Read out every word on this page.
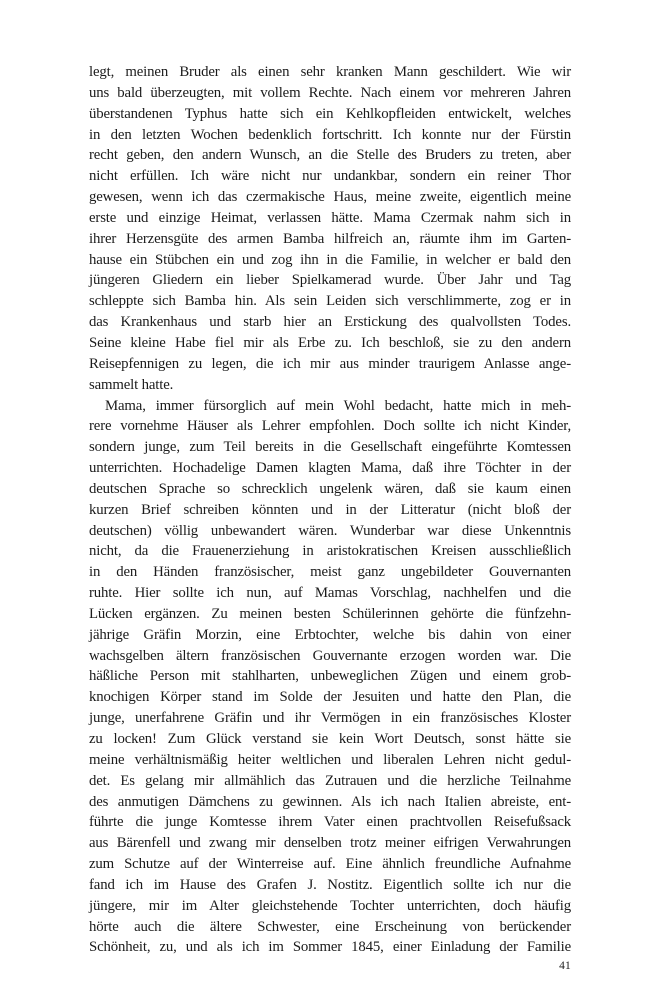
legt, meinen Bruder als einen sehr kranken Mann geschildert. Wie wir
uns bald überzeugten, mit vollem Rechte. Nach einem vor mehreren Jahren
überstandenen Typhus hatte sich ein Kehlkopfleiden entwickelt, welches
in den letzten Wochen bedenklich fortschritt. Ich konnte nur der Fürstin
recht geben, den andern Wunsch, an die Stelle des Bruders zu treten, aber
nicht erfüllen. Ich wäre nicht nur undankbar, sondern ein reiner Thor
gewesen, wenn ich das czermakische Haus, meine zweite, eigentlich meine
erste und einzige Heimat, verlassen hätte. Mama Czermak nahm sich in
ihrer Herzensgüte des armen Bamba hilfreich an, räumte ihm im Garten-
hause ein Stübchen ein und zog ihn in die Familie, in welcher er bald den
jüngeren Gliedern ein lieber Spielkamerad wurde. Über Jahr und Tag
schleppte sich Bamba hin. Als sein Leiden sich verschlimmerte, zog er in
das Krankenhaus und starb hier an Erstickung des qualvollsten Todes.
Seine kleine Habe fiel mir als Erbe zu. Ich beschloß, sie zu den andern
Reisepfennigen zu legen, die ich mir aus minder traurigem Anlasse ange-
sammelt hatte.

Mama, immer fürsorglich auf mein Wohl bedacht, hatte mich in meh-
rere vornehme Häuser als Lehrer empfohlen. Doch sollte ich nicht Kinder,
sondern junge, zum Teil bereits in die Gesellschaft eingeführte Komtessen
unterrichten. Hochadelige Damen klagten Mama, daß ihre Töchter in der
deutschen Sprache so schrecklich ungelenk wären, daß sie kaum einen
kurzen Brief schreiben könnten und in der Litteratur (nicht bloß der
deutschen) völlig unbewandert wären. Wunderbar war diese Unkenntnis
nicht, da die Frauenerziehung in aristokratischen Kreisen ausschließlich
in den Händen französischer, meist ganz ungebildeter Gouvernanten
ruhte. Hier sollte ich nun, auf Mamas Vorschlag, nachhelfen und die
Lücken ergänzen. Zu meinen besten Schülerinnen gehörte die fünfzehn-
jährige Gräfin Morzin, eine Erbtochter, welche bis dahin von einer
wachsgelben ältern französischen Gouvernante erzogen worden war. Die
häßliche Person mit stahlharten, unbeweglichen Zügen und einem grob-
knochigen Körper stand im Solde der Jesuiten und hatte den Plan, die
junge, unerfahrene Gräfin und ihr Vermögen in ein französisches Kloster
zu locken! Zum Glück verstand sie kein Wort Deutsch, sonst hätte sie
meine verhältnismäßig heiter weltlichen und liberalen Lehren nicht gedul-
det. Es gelang mir allmählich das Zutrauen und die herzliche Teilnahme
des anmutigen Dämchens zu gewinnen. Als ich nach Italien abreiste, ent-
führte die junge Komtesse ihrem Vater einen prachtvollen Reisefußsack
aus Bärenfell und zwang mir denselben trotz meiner eifrigen Verwahrungen
zum Schutze auf der Winterreise auf. Eine ähnlich freundliche Aufnahme
fand ich im Hause des Grafen J. Nostitz. Eigentlich sollte ich nur die
jüngere, mir im Alter gleichstehende Tochter unterrichten, doch häufig
hörte auch die ältere Schwester, eine Erscheinung von berückender
Schönheit, zu, und als ich im Sommer 1845, einer Einladung der Familie

41
